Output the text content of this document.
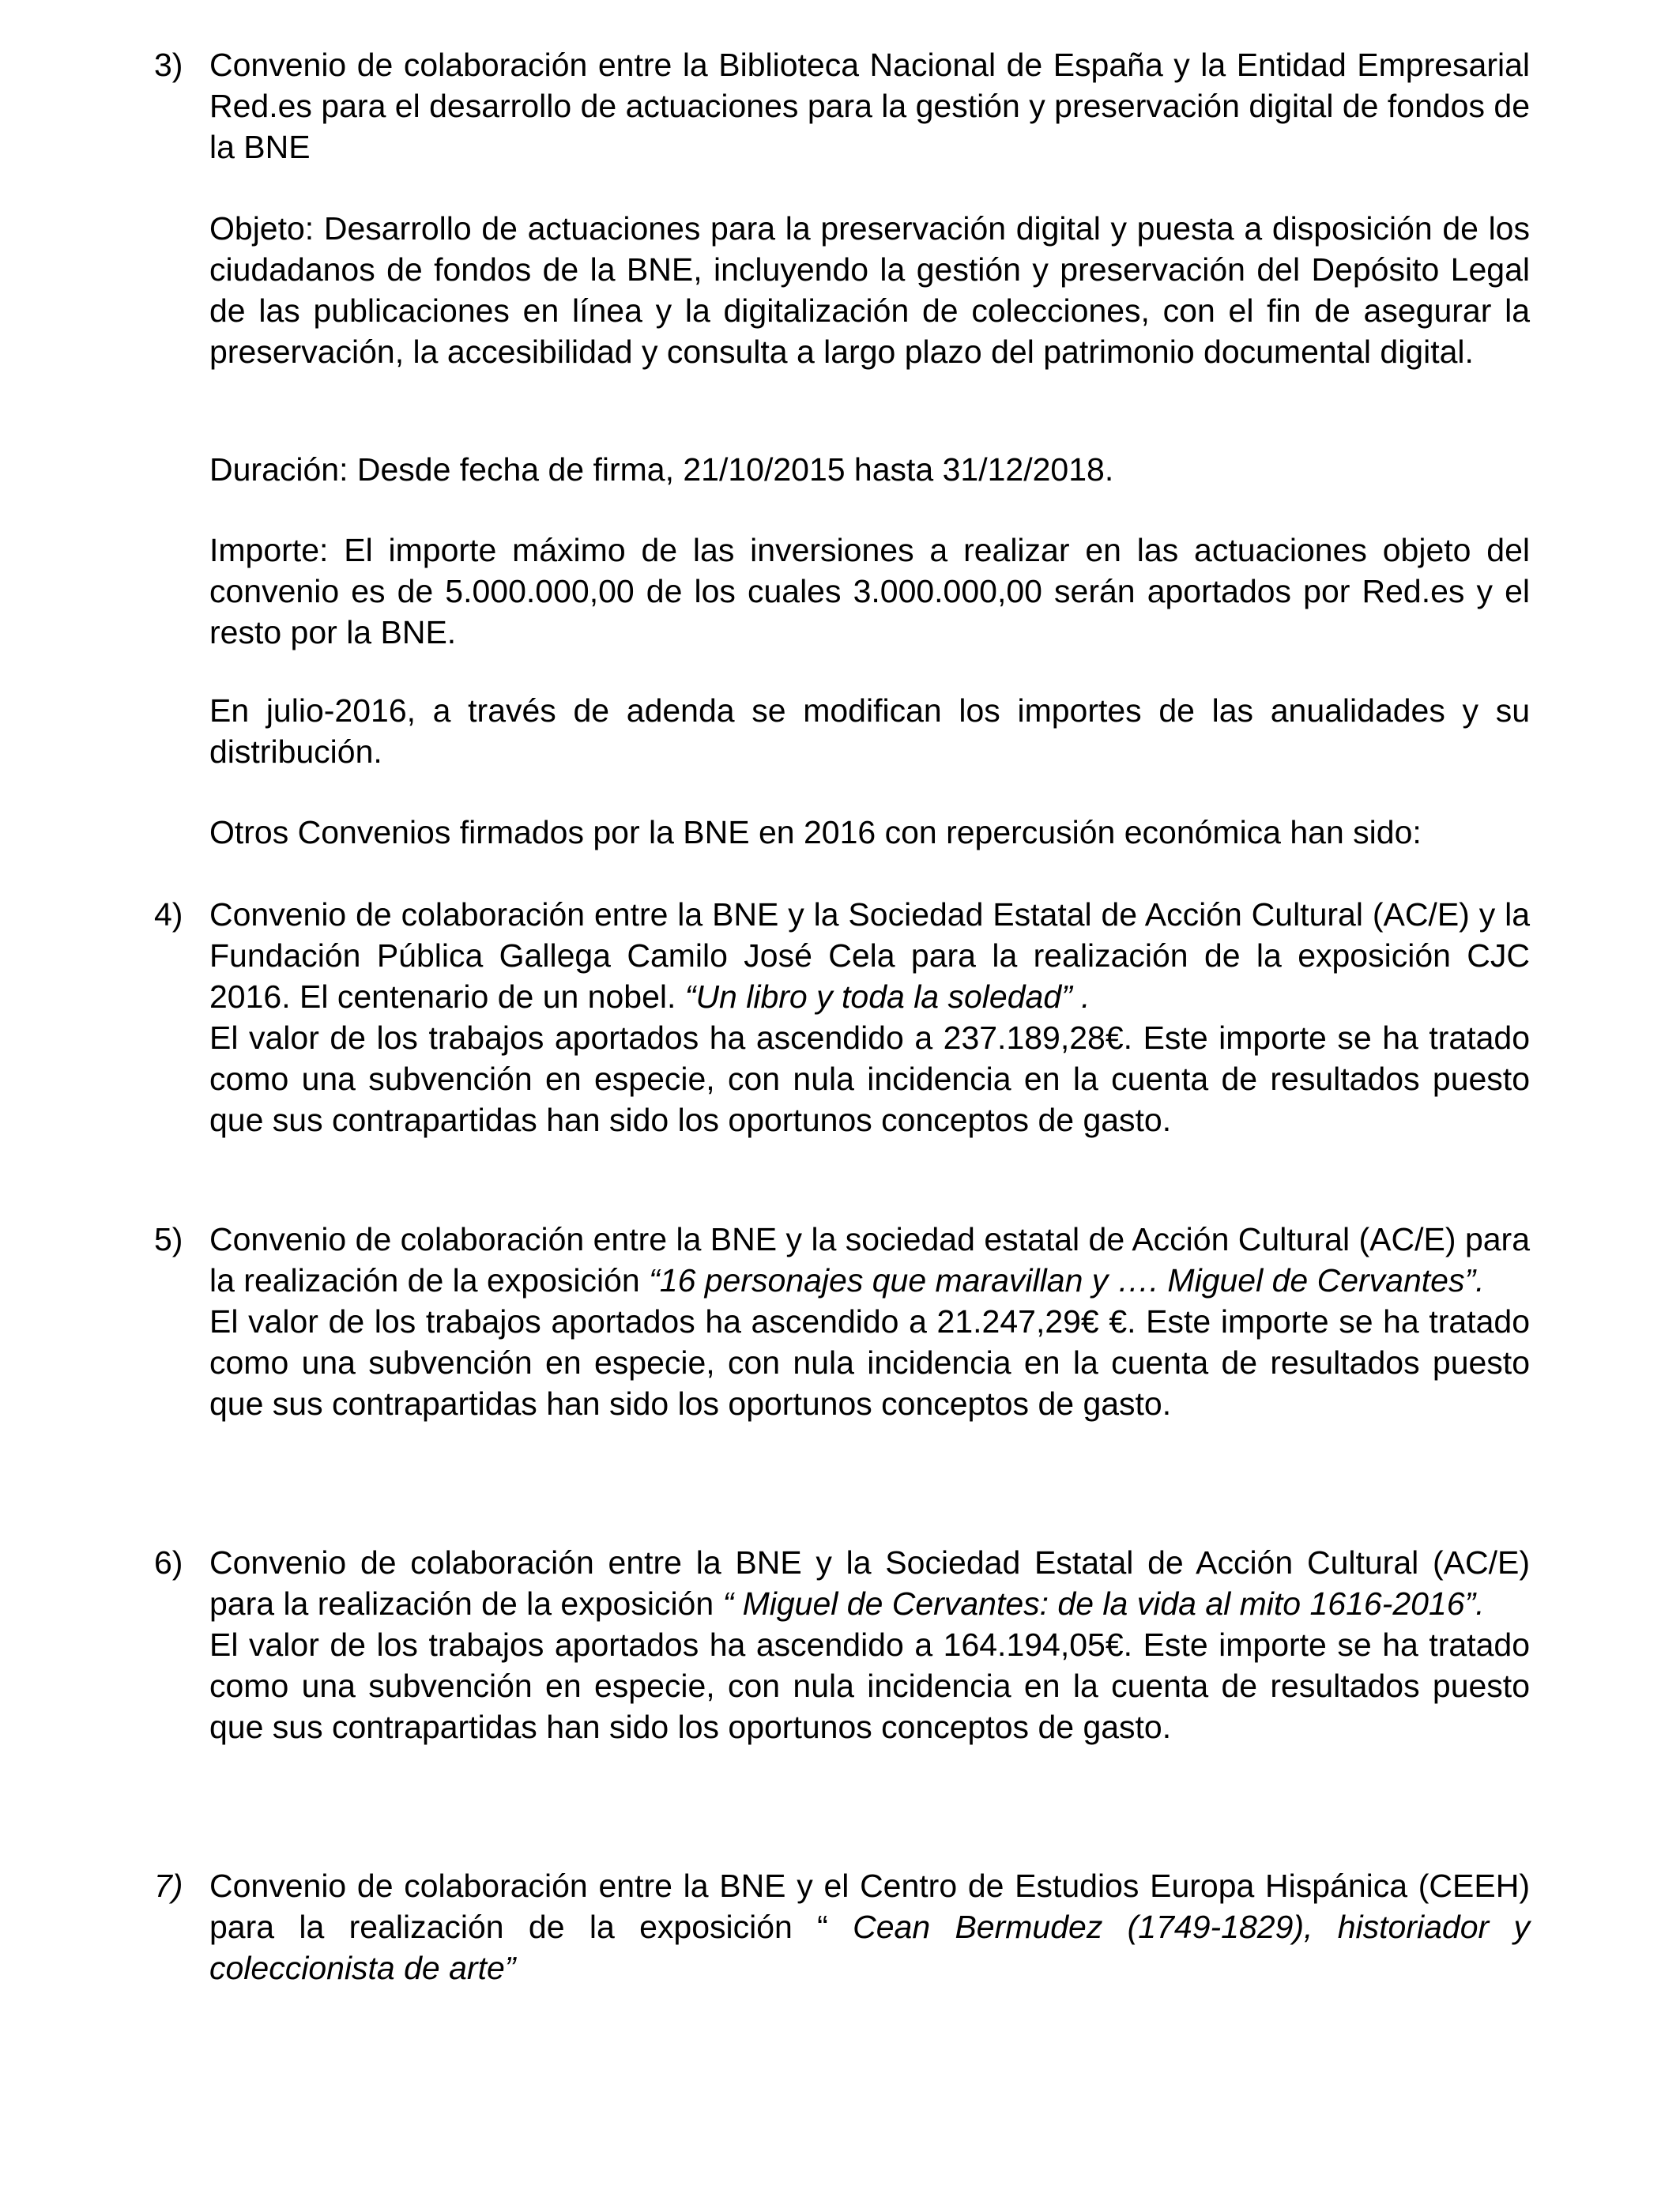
3) Convenio de colaboración entre la Biblioteca Nacional de España y la Entidad Empresarial Red.es para el desarrollo de actuaciones para la gestión y preservación digital de fondos de la BNE
Objeto: Desarrollo de actuaciones para la preservación digital y puesta a disposición de los ciudadanos de fondos de la BNE, incluyendo la gestión y preservación del Depósito Legal de las publicaciones en línea y la digitalización de colecciones, con el fin de asegurar la preservación, la accesibilidad y consulta a largo plazo del patrimonio documental digital.
Duración: Desde fecha de firma, 21/10/2015 hasta 31/12/2018.
Importe: El importe máximo de las inversiones a realizar en las actuaciones objeto del convenio es de 5.000.000,00 de los cuales 3.000.000,00 serán aportados por Red.es y el resto por la BNE.
En julio-2016, a través de adenda se modifican los importes de las anualidades y su distribución.
Otros Convenios firmados por la BNE en 2016 con repercusión económica han sido:
4) Convenio de colaboración entre la BNE y la Sociedad Estatal de Acción Cultural (AC/E) y la Fundación Pública Gallega Camilo José Cela para la realización de la exposición CJC 2016. El centenario de un nobel. “Un libro y toda la soledad” .
El valor de los trabajos aportados ha ascendido a 237.189,28€. Este importe se ha tratado como una subvención en especie, con nula incidencia en la cuenta de resultados puesto que sus contrapartidas han sido los oportunos conceptos de gasto.
5) Convenio de colaboración entre la BNE y la sociedad estatal de Acción Cultural (AC/E) para la realización de la exposición “16 personajes que maravillan y …. Miguel de Cervantes”.
El valor de los trabajos aportados ha ascendido a 21.247,29€ €. Este importe se ha tratado como una subvención en especie, con nula incidencia en la cuenta de resultados puesto que sus contrapartidas han sido los oportunos conceptos de gasto.
6) Convenio de colaboración entre la BNE y la Sociedad Estatal de Acción Cultural (AC/E) para la realización de la exposición “ Miguel de Cervantes: de la vida al mito 1616-2016”.
El valor de los trabajos aportados ha ascendido a 164.194,05€. Este importe se ha tratado como una subvención en especie, con nula incidencia en la cuenta de resultados puesto que sus contrapartidas han sido los oportunos conceptos de gasto.
7) Convenio de colaboración entre la BNE y el Centro de Estudios Europa Hispánica (CEEH) para la realización de la exposición “ Cean Bermudez (1749-1829), historiador y coleccionista de arte”
